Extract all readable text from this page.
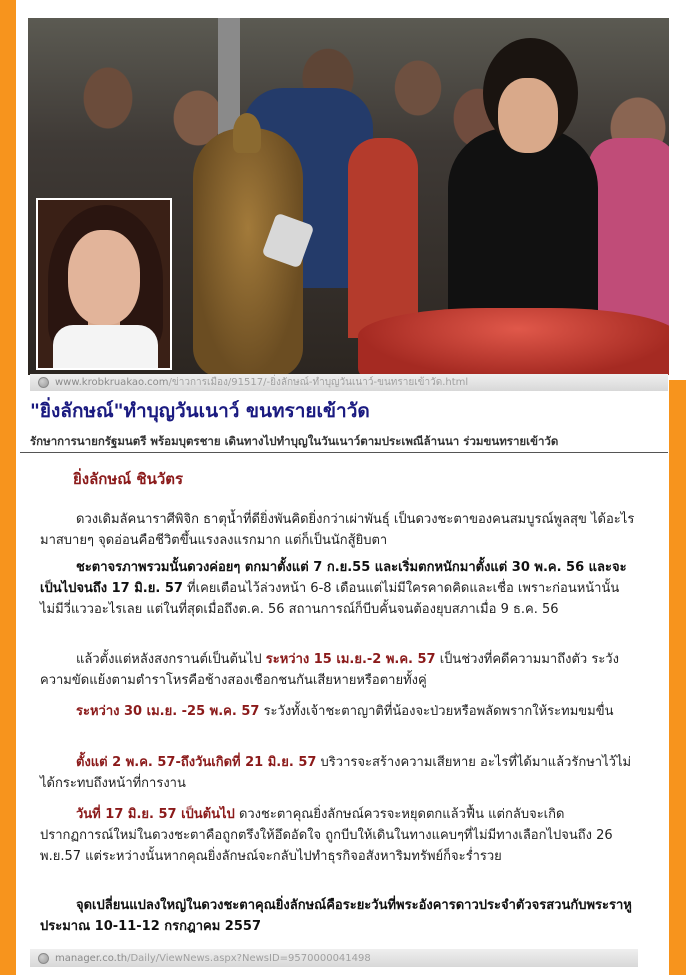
www.krobkruakao.com /ข่าวการเมือง/91517/-ยิ่งลักษณ์-ทำบุญวันเนาว์-ขนทรายเข้าวัด.html
"ยิ่งลักษณ์"ทำบุญวันเนาว์ ขนทรายเข้าวัด
รักษาการนายกรัฐมนตรี พร้อมบุตรชาย เดินทางไปทำบุญในวันเนาว์ตามประเพณีล้านนา ร่วมขนทรายเข้าวัด
ยิ่งลักษณ์ ชินวัตร
ดวงเดิมลัคนาราศีพิจิก ธาตุน้ำที่ดียิ่งพันคิดยิ่งกว่าเผ่าพันธุ์ เป็นดวงชะตาของคนสมบูรณ์พูลสุข ได้อะไรมาสบายๆ จุดอ่อนคือชีวิตขึ้นแรงลงแรกมาก แต่ก็เป็นนักสู้ยิบตา
ชะตาจรภาพรวมนั้นดวงค่อยๆ ตกมาตั้งแต่ 7 ก.ย.55 และเริ่มตกหนักมาตั้งแต่ 30 พ.ค. 56 และจะเป็นไปจนถึง 17 มิ.ย. 57 ที่เคยเตือนไว้ล่วงหน้า 6-8 เดือนแต่ไม่มีใครคาดคิดและเชื่อ เพราะก่อนหน้านั้นไม่มีวี่แววอะไรเลย แต่ในที่สุดเมื่อถึงต.ค. 56 สถานการณ์ก็บีบคั้นจนต้องยุบสภาเมื่อ 9 ธ.ค. 56
แล้วตั้งแต่หลังสงกรานต์เป็นต้นไป ระหว่าง 15 เม.ย.-2 พ.ค. 57 เป็นช่วงที่คดีความมาถึงตัว ระวังความขัดแย้งตามตำราโหรคือช้างสองเชือกชนกันเสียหายหรือตายทั้งคู่
ระหว่าง 30 เม.ย. -25 พ.ค. 57 ระวังทั้งเจ้าชะตาญาติที่น้องจะป่วยหรือพลัดพรากให้ระทมขมขื่น
ตั้งแต่ 2 พ.ค. 57-ถึงวันเกิดที่ 21 มิ.ย. 57 บริวารจะสร้างความเสียหาย อะไรที่ได้มาแล้วรักษาไว้ไม่ได้กระทบถึงหน้าที่การงาน
วันที่ 17 มิ.ย. 57 เป็นต้นไป ดวงชะตาคุณยิ่งลักษณ์ควรจะหยุดตกแล้วฟื้น แต่กลับจะเกิดปรากฏการณ์ใหม่ในดวงชะตาคือถูกตรึงให้อึดอัดใจ ถูกบีบให้เดินในทางแคบๆที่ไม่มีทางเลือกไปจนถึง 26 พ.ย.57 แต่ระหว่างนั้นหากคุณยิ่งลักษณ์จะกลับไปทำธุรกิจอสังหาริมทรัพย์ก็จะร่ำรวย
จุดเปลี่ยนแปลงใหญ่ในดวงชะตาคุณยิ่งลักษณ์คือระยะวันที่พระอังคารดาวประจำตัวจรสวนกับพระราหูประมาณ 10-11-12 กรกฎาคม 2557
manager.co.th /Daily/ViewNews.aspx?NewsID=9570000041498
